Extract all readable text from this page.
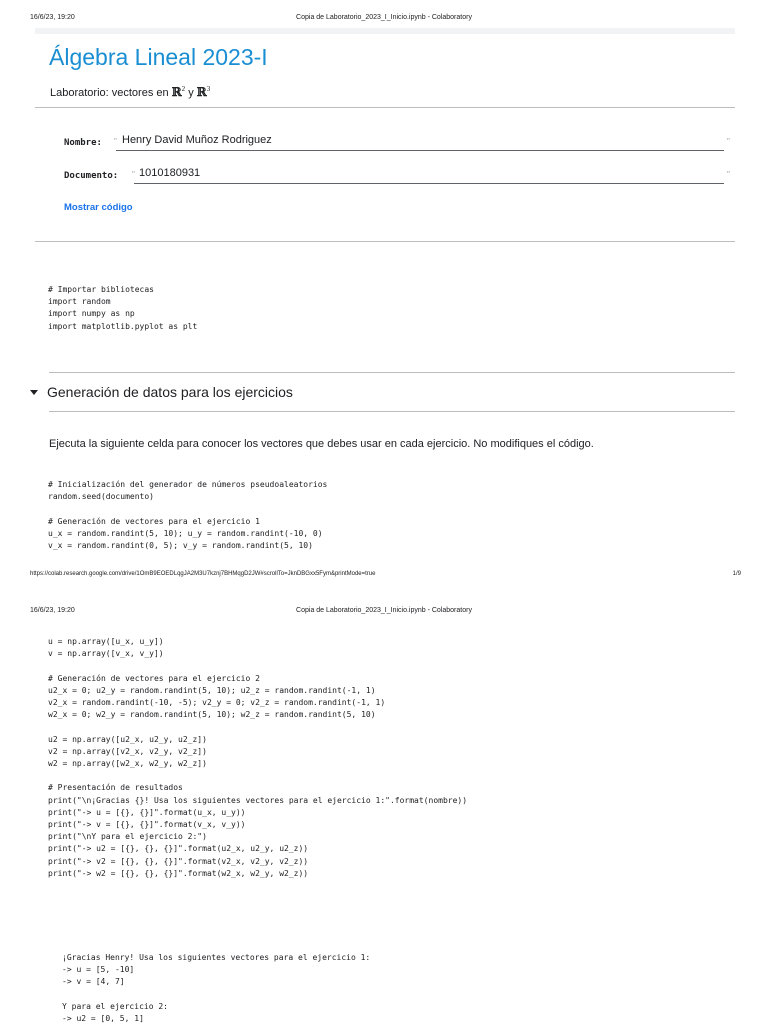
16/6/23, 19:20	Copia de Laboratorio_2023_I_Inicio.ipynb - Colaboratory
Álgebra Lineal 2023-I
Laboratorio: vectores en ℝ$^2$ y ℝ$^3$
Nombre: " Henry David Muñoz Rodriguez	"
Documento: " 1010180931	"
Mostrar código
# Importar bibliotecas
import random
import numpy as np
import matplotlib.pyplot as plt
Generación de datos para los ejercicios
Ejecuta la siguiente celda para conocer los vectores que debes usar en cada ejercicio. No modifiques el código.
# Inicialización del generador de números pseudoaleatorios
random.seed(documento)

# Generación de vectores para el ejercicio 1
u_x = random.randint(5, 10); u_y = random.randint(-10, 0)
v_x = random.randint(0, 5); v_y = random.randint(5, 10)
https://colab.research.google.com/drive/1OmB9EOEDLqgJA2M3U7kznj7BHMqgD2JW#scrollTo=JknDBGxx5Fym&printMode=true	1/9
16/6/23, 19:20	Copia de Laboratorio_2023_I_Inicio.ipynb - Colaboratory
u = np.array([u_x, u_y])
v = np.array([v_x, v_y])

# Generación de vectores para el ejercicio 2
u2_x = 0; u2_y = random.randint(5, 10); u2_z = random.randint(-1, 1)
v2_x = random.randint(-10, -5); v2_y = 0; v2_z = random.randint(-1, 1)
w2_x = 0; w2_y = random.randint(5, 10); w2_z = random.randint(5, 10)

u2 = np.array([u2_x, u2_y, u2_z])
v2 = np.array([v2_x, v2_y, v2_z])
w2 = np.array([w2_x, w2_y, w2_z])

# Presentación de resultados
print("\n¡Gracias {}! Usa los siguientes vectores para el ejercicio 1:".format(nombre))
print("-> u = [{}, {}]".format(u_x, u_y))
print("-> v = [{}, {}]".format(v_x, v_y))
print("\nY para el ejercicio 2:")
print("-> u2 = [{}, {}, {}]".format(u2_x, u2_y, u2_z))
print("-> v2 = [{}, {}, {}]".format(v2_x, v2_y, v2_z))
print("-> w2 = [{}, {}, {}]".format(w2_x, w2_y, w2_z))
¡Gracias Henry! Usa los siguientes vectores para el ejercicio 1:
-> u = [5, -10]
-> v = [4, 7]

Y para el ejercicio 2:
-> u2 = [0, 5, 1]
